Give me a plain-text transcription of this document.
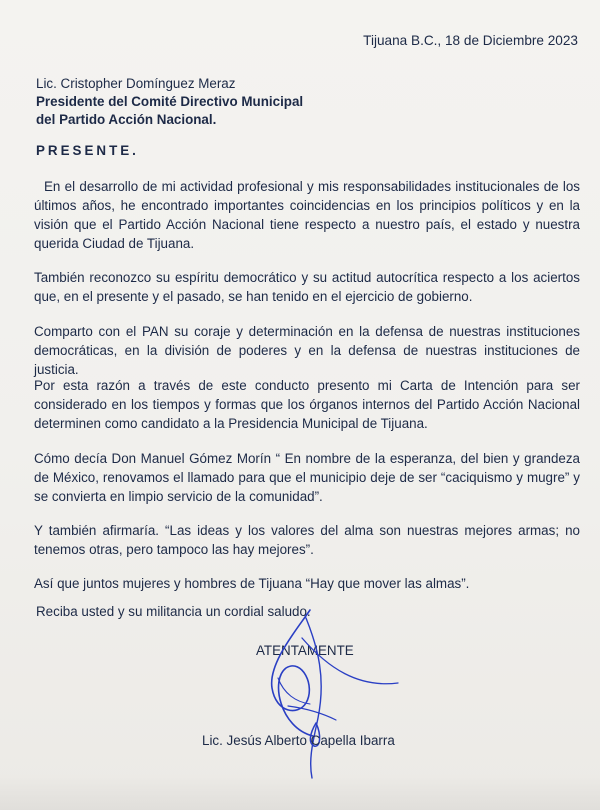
Tijuana B.C., 18 de Diciembre 2023
Lic. Cristopher Domínguez Meraz
Presidente del Comité Directivo Municipal
del Partido Acción Nacional.
PRESENTE.

En el desarrollo de mi actividad profesional y mis responsabilidades institucionales de los últimos años, he encontrado importantes coincidencias en los principios políticos y en la visión que el Partido Acción Nacional tiene respecto a nuestro país, el estado y nuestra querida Ciudad de Tijuana.

También reconozco su espíritu democrático y su actitud autocrítica respecto a los aciertos que, en el presente y el pasado, se han tenido en el ejercicio de gobierno.

Comparto con el PAN su coraje y determinación en la defensa de nuestras instituciones democráticas, en la división de poderes y en la defensa de nuestras instituciones de justicia.

Por esta razón a través de este conducto presento mi Carta de Intención para ser considerado en los tiempos y formas que los órganos internos del Partido Acción Nacional determinen como candidato a la Presidencia Municipal de Tijuana.

Cómo decía Don Manuel Gómez Morín “ En nombre de la esperanza, del bien y grandeza de México, renovamos el llamado para que el municipio deje de ser “caciquismo y mugre” y se convierta en limpio servicio de la comunidad”.

Y también afirmaría. “Las ideas y los valores del alma son nuestras mejores armas; no tenemos otras, pero tampoco las hay mejores”.

Así que juntos mujeres y hombres de Tijuana “Hay que mover las almas”.

Reciba usted y su militancia un cordial saludo.
ATENTAMENTE
Lic. Jesús Alberto Capella Ibarra
